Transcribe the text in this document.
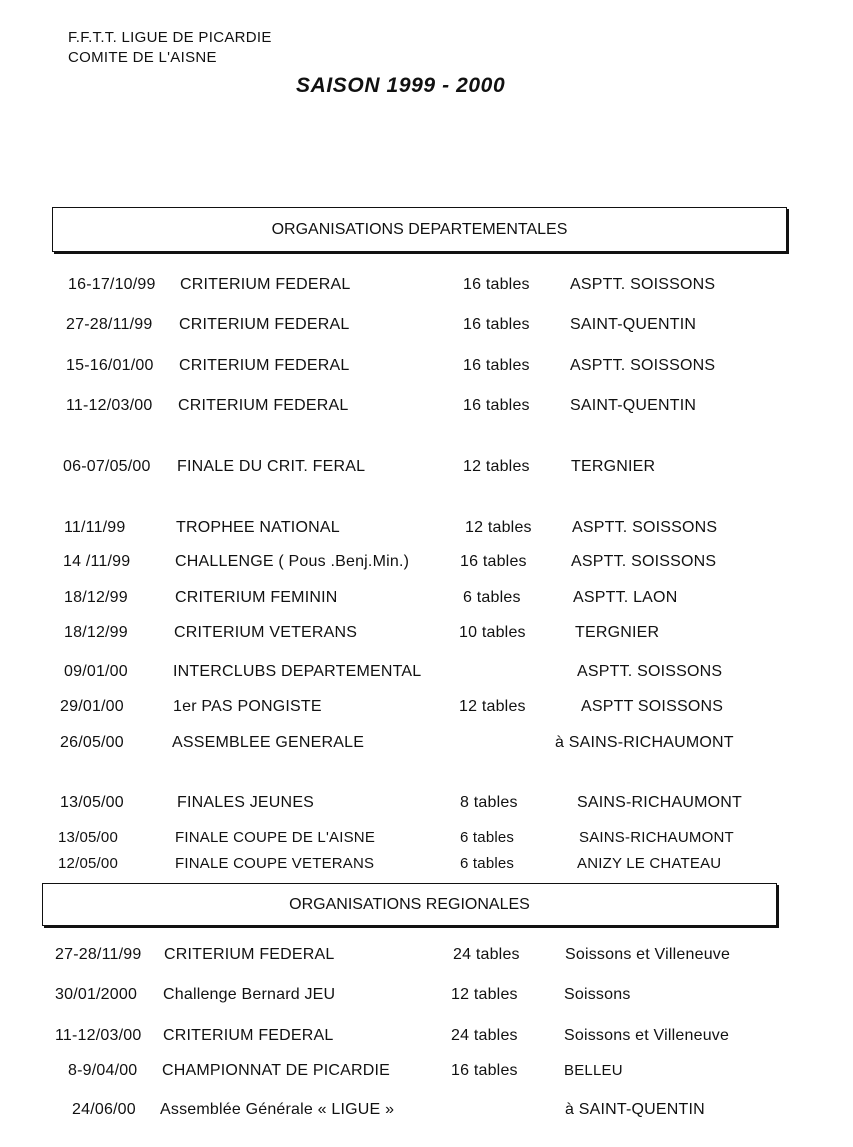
F.F.T.T. LIGUE DE PICARDIE
COMITE DE L'AISNE
SAISON 1999 - 2000
ORGANISATIONS DEPARTEMENTALES
ORGANISATIONS REGIONALES
16-17/10/99 CRITERIUM FEDERAL	16 tables	ASPTT. SOISSONS
27-28/11/99 CRITERIUM FEDERAL	16 tables	SAINT-QUENTIN
15-16/01/00 CRITERIUM FEDERAL	16 tables	ASPTT. SOISSONS
11-12/03/00 CRITERIUM FEDERAL	16 tables	SAINT-QUENTIN
06-07/05/00 FINALE DU CRIT. FERAL	12 tables	TERGNIER
11/11/99	TROPHEE NATIONAL	12 tables	ASPTT. SOISSONS
14 /11/99	CHALLENGE ( Pous .Benj.Min.)	16 tables	ASPTT. SOISSONS
18/12/99	CRITERIUM FEMININ	6 tables	ASPTT. LAON
18/12/99	CRITERIUM VETERANS	10 tables	TERGNIER
09/01/00	INTERCLUBS DEPARTEMENTAL	ASPTT. SOISSONS
29/01/00	1er PAS PONGISTE	12 tables	ASPTT SOISSONS
26/05/00	ASSEMBLEE GENERALE	à SAINS-RICHAUMONT
13/05/00	FINALES JEUNES	8 tables	SAINS-RICHAUMONT
13/05/00	FINALE COUPE DE L'AISNE	6 tables	SAINS-RICHAUMONT
12/05/00	FINALE COUPE VETERANS	6 tables	ANIZY LE CHATEAU
27-28/11/99 CRITERIUM FEDERAL	24 tables	Soissons et Villeneuve
30/01/2000 Challenge Bernard JEU	12 tables	Soissons
11-12/03/00 CRITERIUM FEDERAL	24 tables	Soissons et Villeneuve
8-9/04/00 CHAMPIONNAT DE PICARDIE	16 tables	BELLEU
24/06/00 Assemblée Générale « LIGUE »	à SAINT-QUENTIN
